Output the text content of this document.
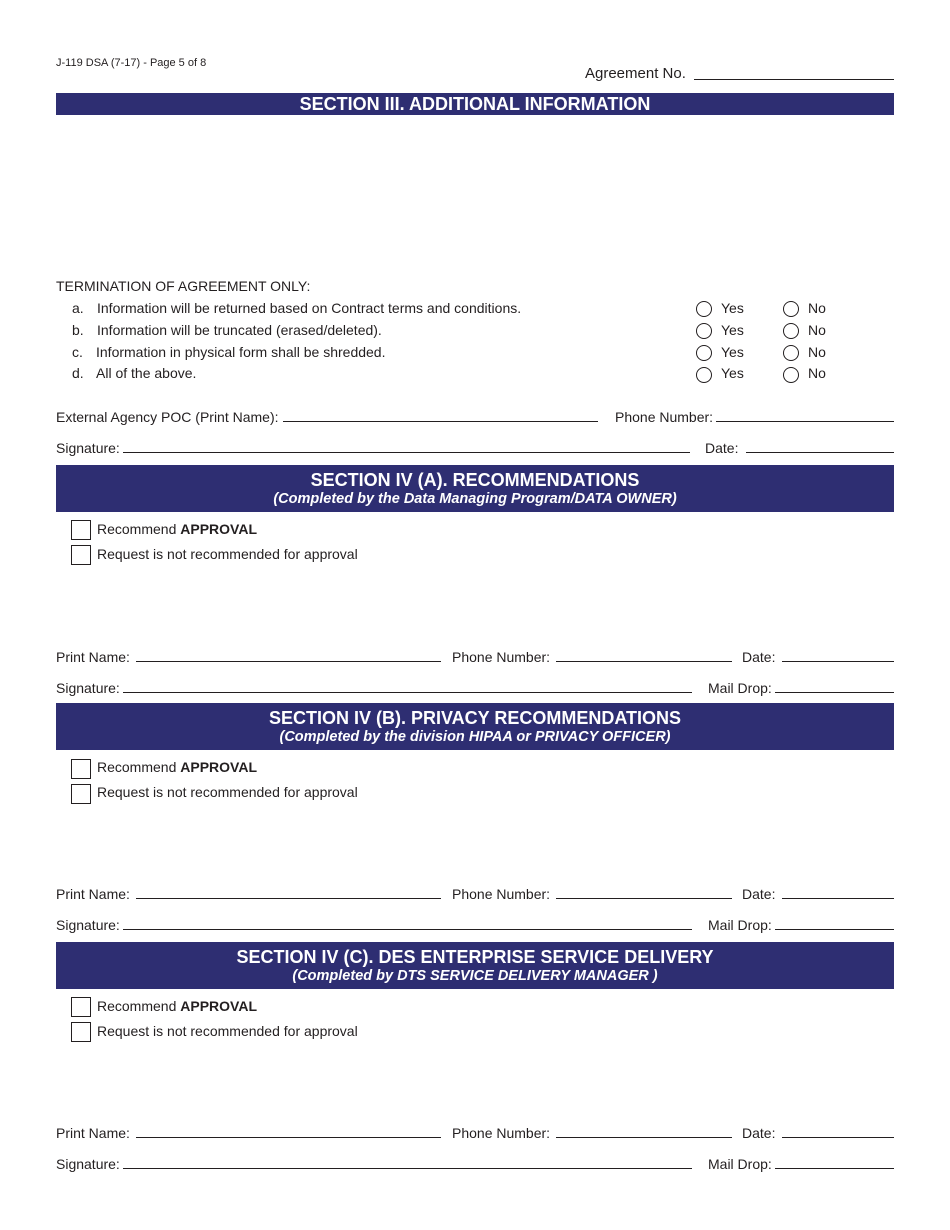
J-119 DSA (7-17) - Page 5 of 8
Agreement No.
SECTION III. ADDITIONAL INFORMATION
TERMINATION OF AGREEMENT ONLY:
a. Information will be returned based on Contract terms and conditions.	Yes	No
b. Information will be truncated (erased/deleted).	Yes	No
c. Information in physical form shall be shredded.	Yes	No
d. All of the above.	Yes	No
External Agency POC (Print Name):	Phone Number:
Signature:	Date:
SECTION IV (A). RECOMMENDATIONS
(Completed by the Data Managing Program/DATA OWNER)
Recommend APPROVAL
Request is not recommended for approval
Print Name:	Phone Number:	Date:
Signature:	Mail Drop:
SECTION IV (B). PRIVACY RECOMMENDATIONS
(Completed by the division HIPAA or PRIVACY OFFICER)
Recommend APPROVAL
Request is not recommended for approval
Print Name:	Phone Number:	Date:
Signature:	Mail Drop:
SECTION IV (C). DES ENTERPRISE SERVICE DELIVERY
(Completed by DTS SERVICE DELIVERY MANAGER )
Recommend APPROVAL
Request is not recommended for approval
Print Name:	Phone Number:	Date:
Signature:	Mail Drop:
